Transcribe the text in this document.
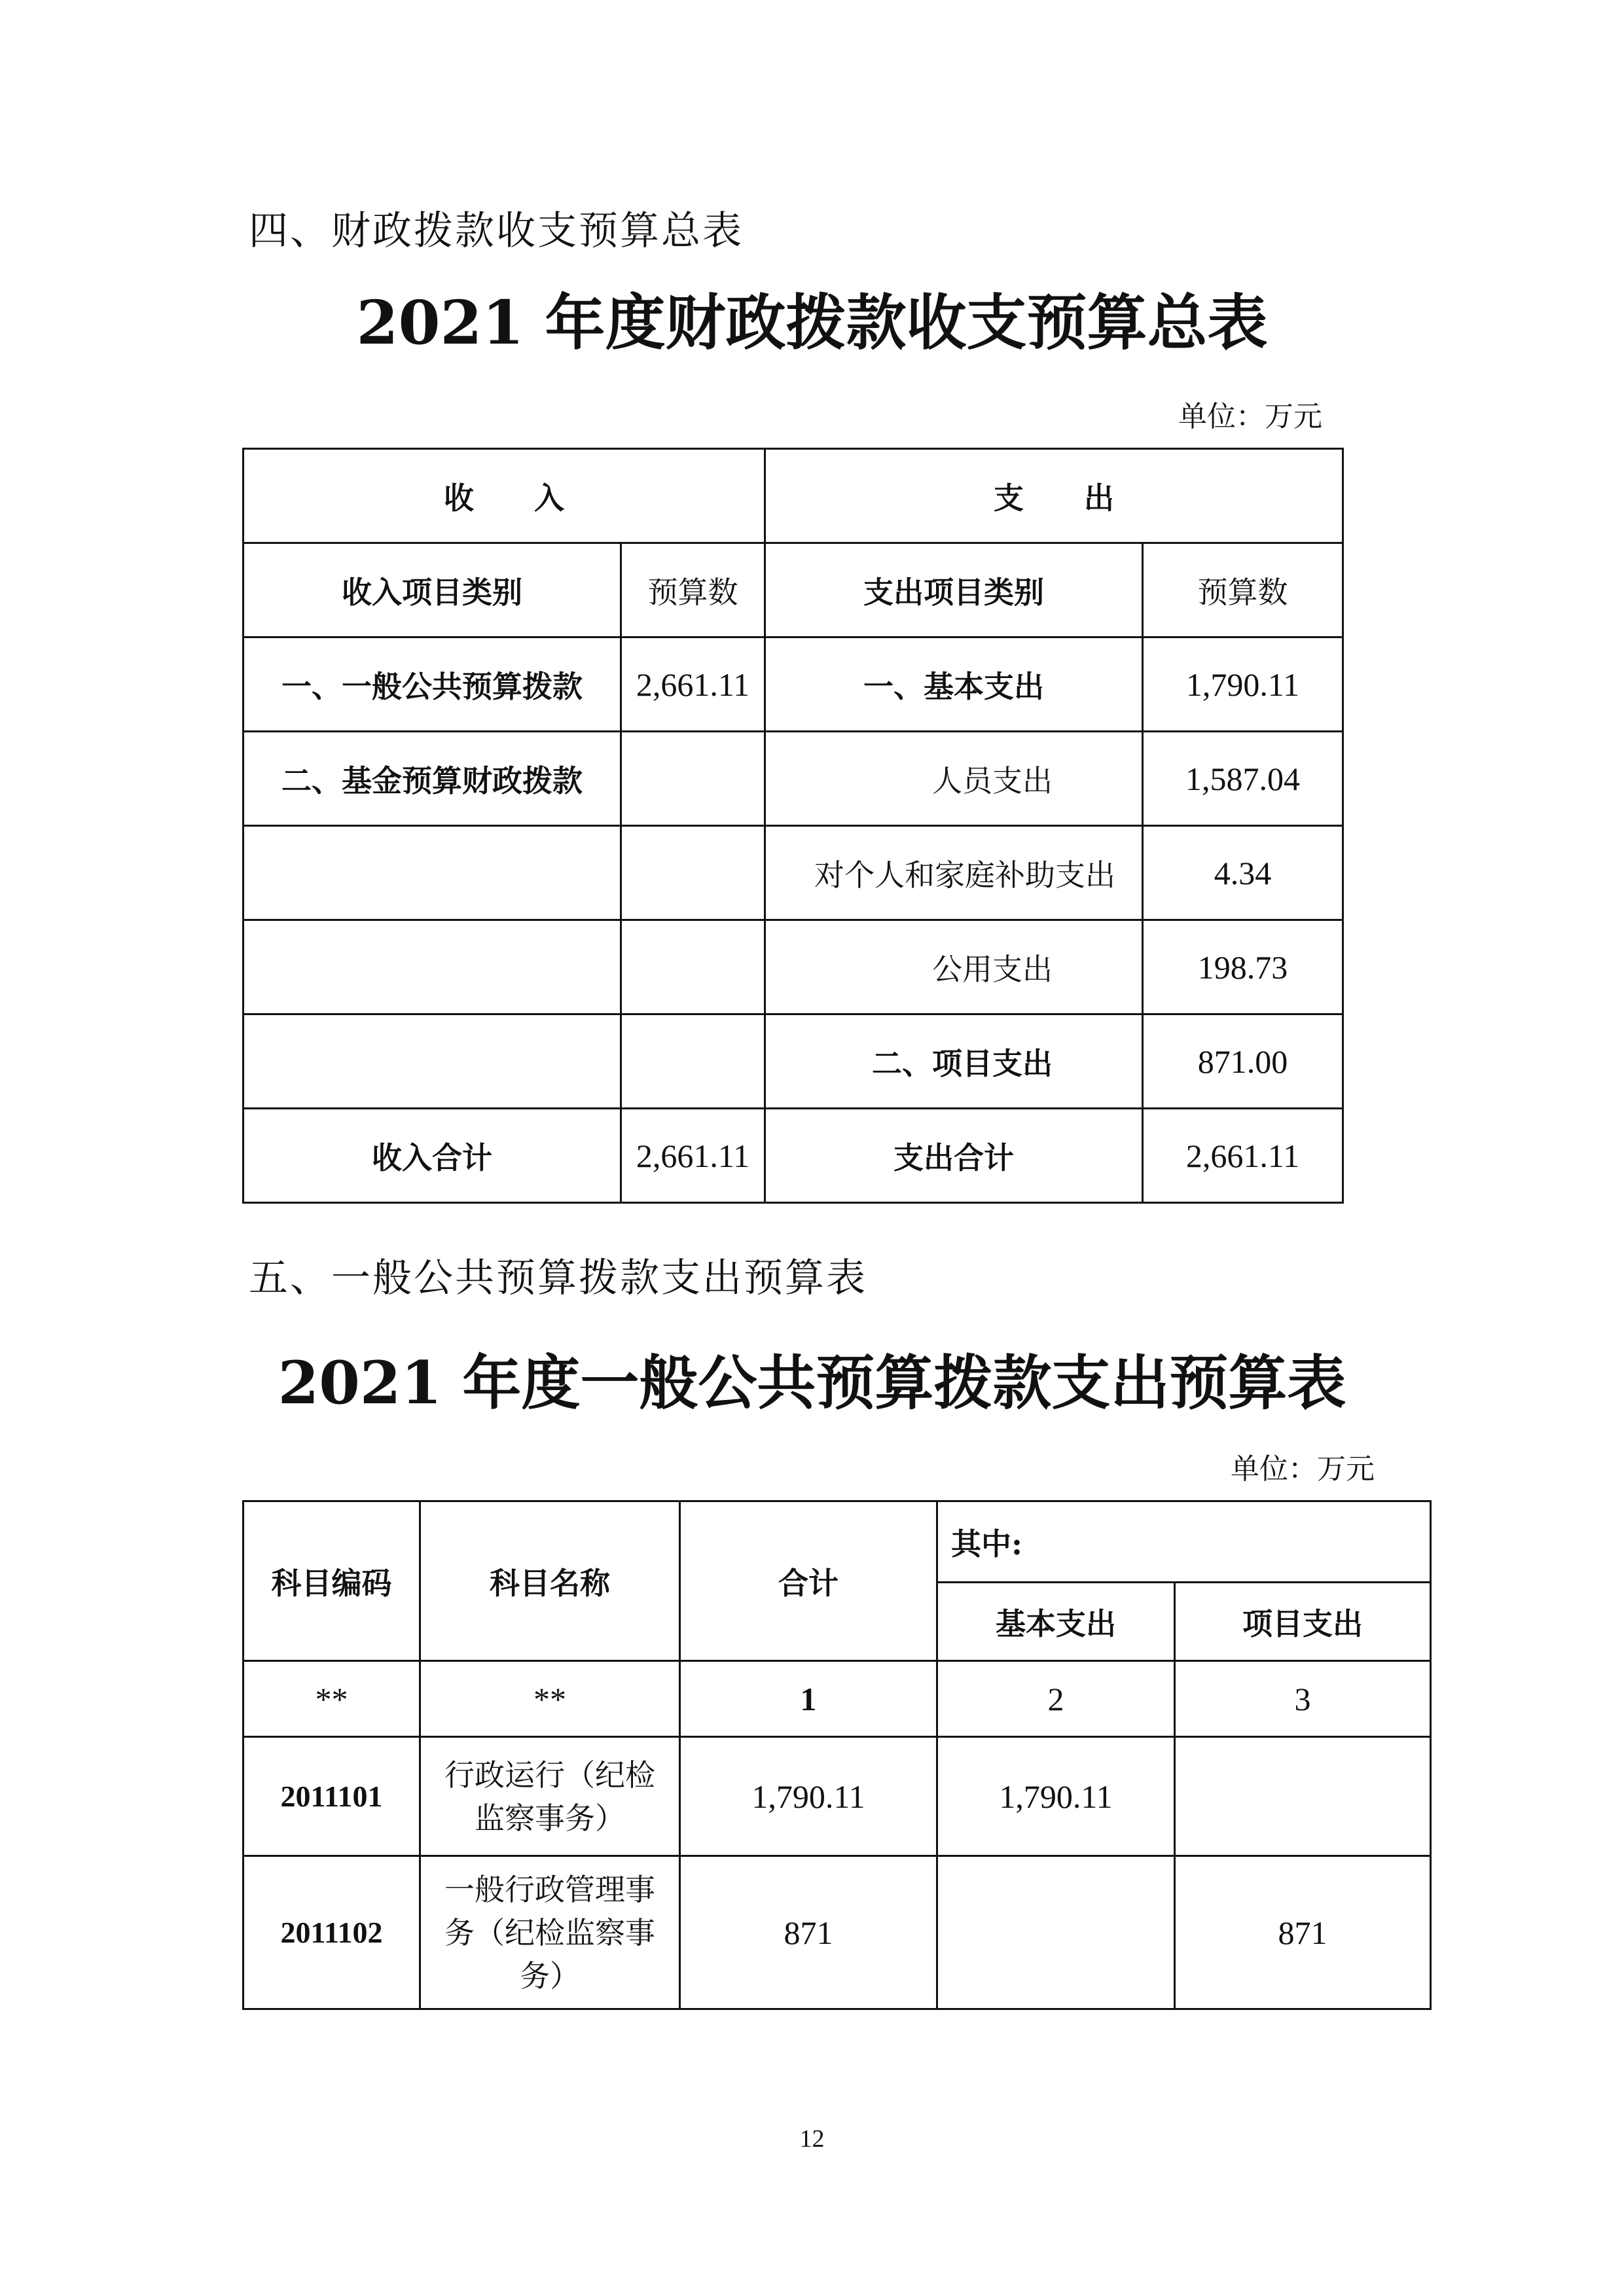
四、财政拨款收支预算总表
2021 年度财政拨款收支预算总表
单位：万元
收　　入		支　　出	
收入项目类别	预算数	支出项目类别	预算数
一、一般公共预算拨款	2,661.11	一、基本支出	1,790.11
二、基金预算财政拨款		人员支出	1,587.04
		对个人和家庭补助支出	4.34
		公用支出	198.73
		二、项目支出	871.00
收入合计	2,661.11	支出合计	2,661.11
五、一般公共预算拨款支出预算表
2021 年度一般公共预算拨款支出预算表
单位：万元
科目编码	科目名称	合计	其中:	
			基本支出	项目支出
**	**	1	2	3
2011101	行政运行（纪检监察事务）	1,790.11	1,790.11	
2011102	一般行政管理事务（纪检监察事务）	871		871
12
